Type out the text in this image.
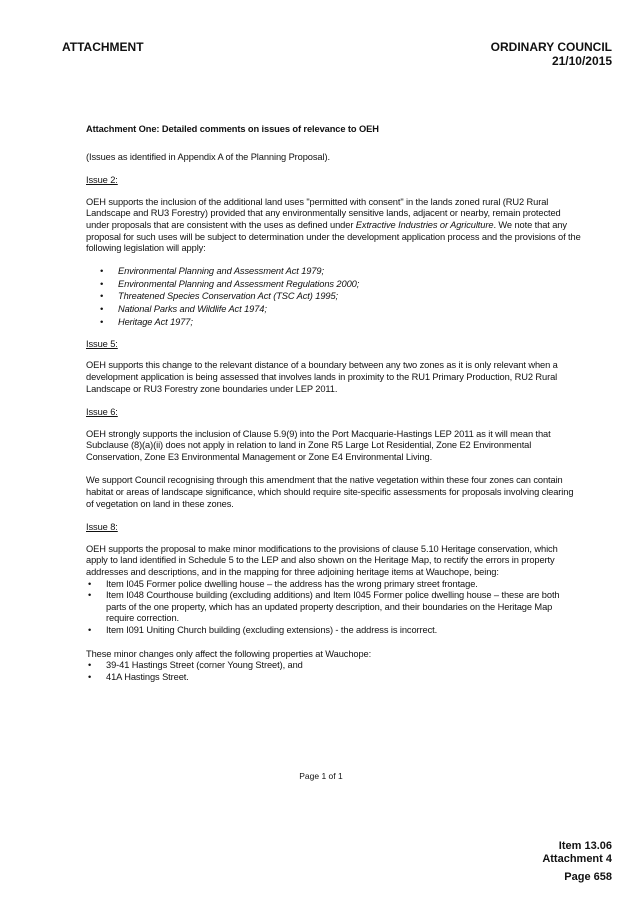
ATTACHMENT	ORDINARY COUNCIL
21/10/2015

Attachment One: Detailed comments on issues of relevance to OEH

(Issues as identified in Appendix A of the Planning Proposal).

Issue 2:

OEH supports the inclusion of the additional land uses "permitted with consent" in the lands zoned rural (RU2 Rural Landscape and RU3 Forestry) provided that any environmentally sensitive lands, adjacent or nearby, remain protected under proposals that are consistent with the uses as defined under Extractive Industries or Agriculture. We note that any proposal for such uses will be subject to determination under the development application process and the provisions of the following legislation will apply:

• Environmental Planning and Assessment Act 1979;
• Environmental Planning and Assessment Regulations 2000;
• Threatened Species Conservation Act (TSC Act) 1995;
• National Parks and Wildlife Act 1974;
• Heritage Act 1977;

Issue 5:

OEH supports this change to the relevant distance of a boundary between any two zones as it is only relevant when a development application is being assessed that involves lands in proximity to the RU1 Primary Production, RU2 Rural Landscape or RU3 Forestry zone boundaries under LEP 2011.

Issue 6:

OEH strongly supports the inclusion of Clause 5.9(9) into the Port Macquarie-Hastings LEP 2011 as it will mean that Subclause (8)(a)(ii) does not apply in relation to land in Zone R5 Large Lot Residential, Zone E2 Environmental Conservation, Zone E3 Environmental Management or Zone E4 Environmental Living.

We support Council recognising through this amendment that the native vegetation within these four zones can contain habitat or areas of landscape significance, which should require site-specific assessments for proposals involving clearing of vegetation on land in these zones.

Issue 8:

OEH supports the proposal to make minor modifications to the provisions of clause 5.10 Heritage conservation, which apply to land identified in Schedule 5 to the LEP and also shown on the Heritage Map, to rectify the errors in property addresses and descriptions, and in the mapping for three adjoining heritage items at Wauchope, being:

• Item I045 Former police dwelling house – the address has the wrong primary street frontage.
• Item I048 Courthouse building (excluding additions) and Item I045 Former police dwelling house – these are both parts of the one property, which has an updated property description, and their boundaries on the Heritage Map require correction.
• Item I091 Uniting Church building (excluding extensions) - the address is incorrect.

These minor changes only affect the following properties at Wauchope:

• 39-41 Hastings Street (corner Young Street), and
• 41A Hastings Street.
Page 1 of 1
Item 13.06
Attachment 4
Page 658
